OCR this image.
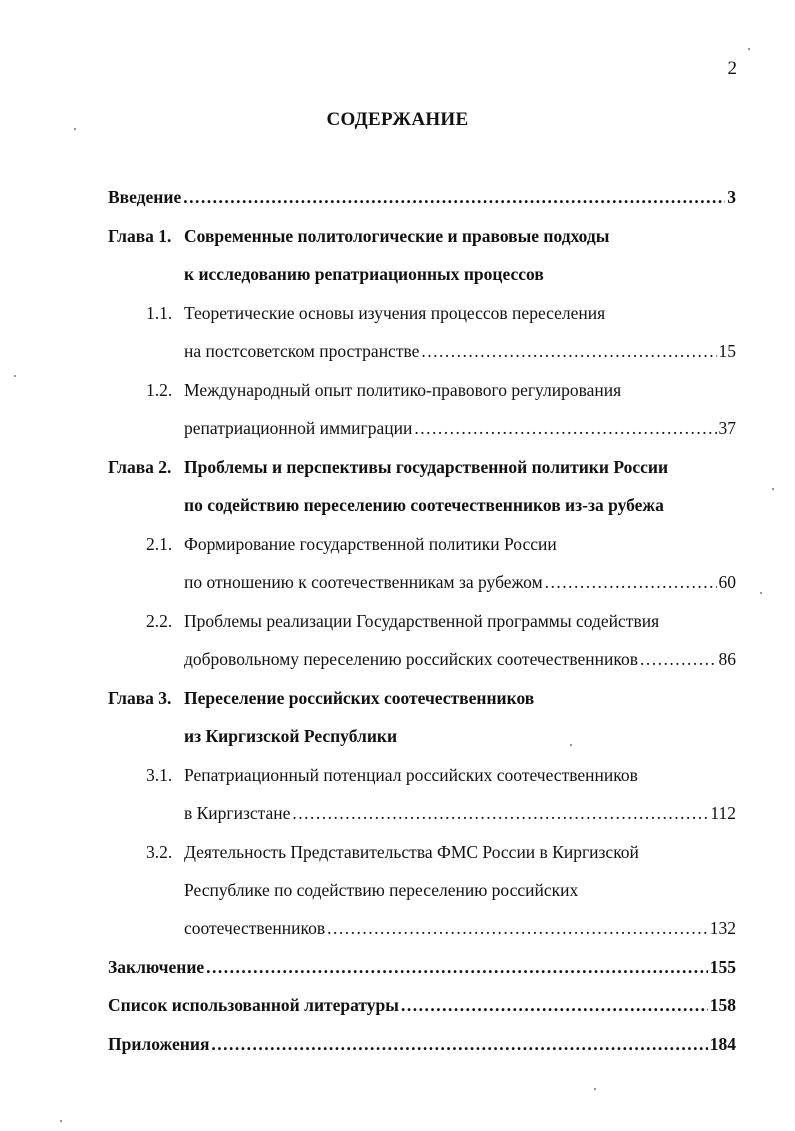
2
СОДЕРЖАНИЕ
Введение .....	3
Глава 1. Современные политологические и правовые подходы
к исследованию репатриационных процессов
1.1. Теоретические основы изучения процессов переселения
на постсоветском пространстве .....	15
1.2. Международный опыт политико-правового регулирования
репатриационной иммиграции .....	37
Глава 2. Проблемы и перспективы государственной политики России
по содействию переселению соотечественников из-за рубежа
2.1. Формирование государственной политики России
по отношению к соотечественникам за рубежом .....	60
2.2. Проблемы реализации Государственной программы содействия
добровольному переселению российских соотечественников .....	86
Глава 3. Переселение российских соотечественников
из Киргизской Республики
3.1. Репатриационный потенциал российских соотечественников
в Киргизстане .....	112
3.2. Деятельность Представительства ФМС России в Киргизской
Республике по содействию переселению российских
соотечественников .....	132
Заключение .....	155
Список использованной литературы .....	158
Приложения .....	184
